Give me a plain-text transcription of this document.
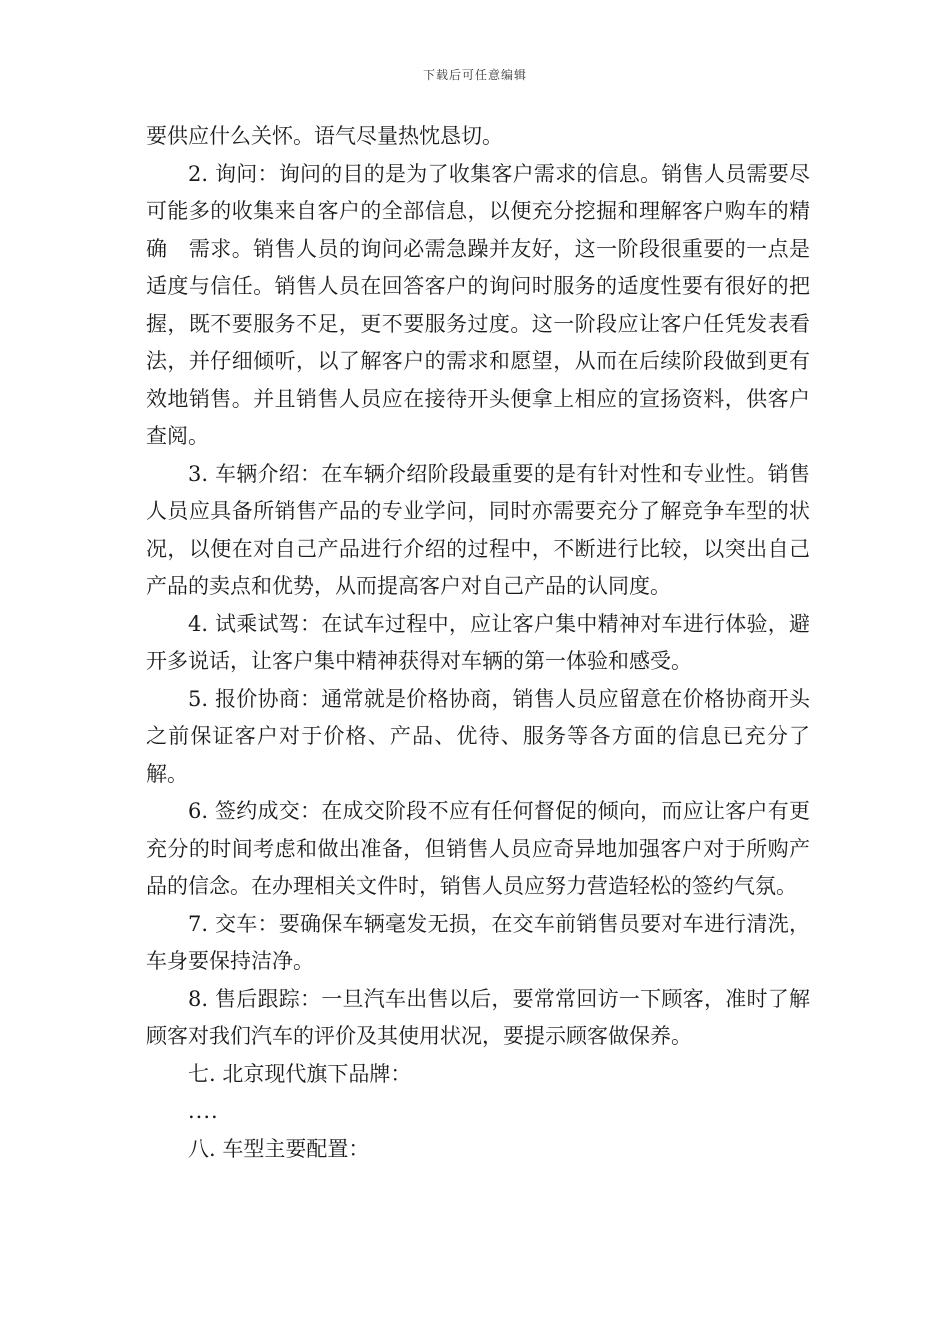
下载后可任意编辑

要供应什么关怀。语气尽量热忱恳切。

2. 询问：询问的目的是为了收集客户需求的信息。销售人员需要尽可能多的收集来自客户的全部信息，以便充分挖掘和理解客户购车的精确　需求。销售人员的询问必需急躁并友好，这一阶段很重要的一点是适度与信任。销售人员在回答客户的询问时服务的适度性要有很好的把握，既不要服务不足，更不要服务过度。这一阶段应让客户任凭发表看法，并仔细倾听，以了解客户的需求和愿望，从而在后续阶段做到更有效地销售。并且销售人员应在接待开头便拿上相应的宣扬资料，供客户查阅。

3. 车辆介绍：在车辆介绍阶段最重要的是有针对性和专业性。销售人员应具备所销售产品的专业学问，同时亦需要充分了解竞争车型的状况，以便在对自己产品进行介绍的过程中，不断进行比较，以突出自己产品的卖点和优势，从而提高客户对自己产品的认同度。

4. 试乘试驾：在试车过程中，应让客户集中精神对车进行体验，避开多说话，让客户集中精神获得对车辆的第一体验和感受。

5. 报价协商：通常就是价格协商，销售人员应留意在价格协商开头之前保证客户对于价格、产品、优待、服务等各方面的信息已充分了解。

6. 签约成交：在成交阶段不应有任何督促的倾向，而应让客户有更充分的时间考虑和做出准备，但销售人员应奇异地加强客户对于所购产品的信念。在办理相关文件时，销售人员应努力营造轻松的签约气氛。

7. 交车：要确保车辆毫发无损，在交车前销售员要对车进行清洗，车身要保持洁净。

8. 售后跟踪：一旦汽车出售以后，要常常回访一下顾客，准时了解顾客对我们汽车的评价及其使用状况，要提示顾客做保养。

七. 北京现代旗下品牌：

....

八. 车型主要配置：
